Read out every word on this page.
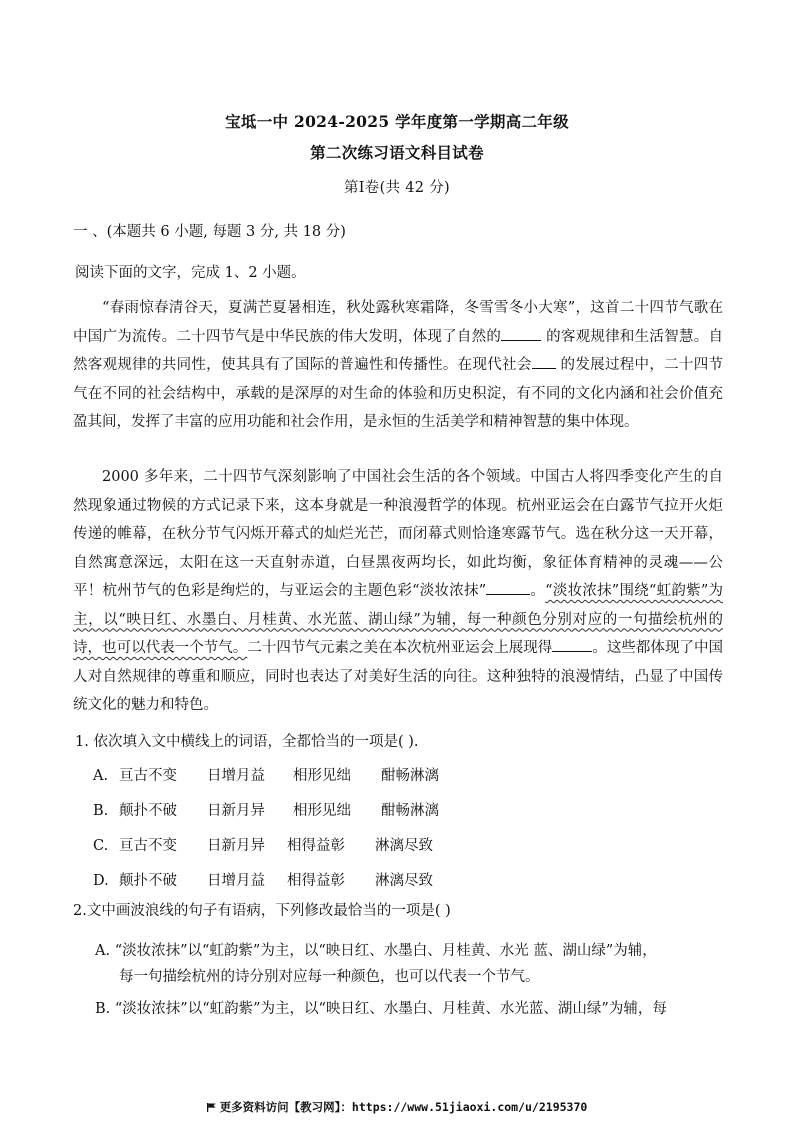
宝坻一中 2024-2025 学年度第一学期高二年级
第二次练习语文科目试卷
第Ⅰ卷(共 42 分)
一 、(本题共 6 小题, 每题 3 分, 共 18 分)
阅读下面的文字，完成 1、2 小题。
“春雨惊春清谷天，夏满芒夏暑相连，秋处露秋寒霜降，冬雪雪冬小大寒”，这首二十四节气歌在中国广为流传。二十四节气是中华民族的伟大发明，体现了自然的	的客观规律和生活智慧。自然客观规律的共同性，使其具有了国际的普遍性和传播性。在现代社会 的发展过程中，二十四节气在不同的社会结构中，承载的是深厚的对生命的体验和历史积淀，有不同的文化内涵和社会价值充盈其间，发挥了丰富的应用功能和社会作用，是永恒的生活美学和精神智慧的集中体现。
2000 多年来，二十四节气深刻影响了中国社会生活的各个领域。中国古人将四季变化产生的自然现象通过物候的方式记录下来，这本身就是一种浪漫哲学的体现。杭州亚运会在白露节气拉开火炬传递的帷幕，在秋分节气闪烁开幕式的灿烂光芒，而闭幕式则恰逢寒露节气。选在秋分这一天开幕，自然寓意深远，太阳在这一天直射赤道，白昼黑夜两均长，如此均衡，象征体育精神的灵魂——公平！杭州节气的色彩是绚烂的，与亚运会的主题色彩“淡妆浓抹”	。“淡妆浓抹”围绕“虹韵紫”为主，以“映日红、水墨白、月桂黄、水光蓝、湖山绿”为辅，每一种颜色分别对应的一句描绘杭州的诗，也可以代表一个节气。二十四节气元素之美在本次杭州亚运会上展现得	。这些都体现了中国人对自然规律的尊重和顺应，同时也表达了对美好生活的向往。这种独特的浪漫情结，凸显了中国传统文化的魅力和特色。
1. 依次填入文中横线上的词语，全都恰当的一项是( ).
A. 亘古不变 日增月益 相形见绌 酣畅淋漓
B. 颠扑不破 日新月异 相形见绌 酣畅淋漓
C. 亘古不变 日新月异 相得益彰 淋漓尽致
D. 颠扑不破 日增月益 相得益彰 淋漓尽致
2.文中画波浪线的句子有语病，下列修改最恰当的一项是( )
A. “淡妆浓抹”以“虹韵紫”为主，以“映日红、水墨白、月桂黄、水光 蓝、湖山绿”为辅，
每一句描绘杭州的诗分别对应每一种颜色，也可以代表一个节气。
B. “淡妆浓抹”以“虹韵紫”为主，以“映日红、水墨白、月桂黄、水光蓝、湖山绿”为辅，每
更多资料访问【教习网】：https://www.51jiaoxi.com/u/2195370
